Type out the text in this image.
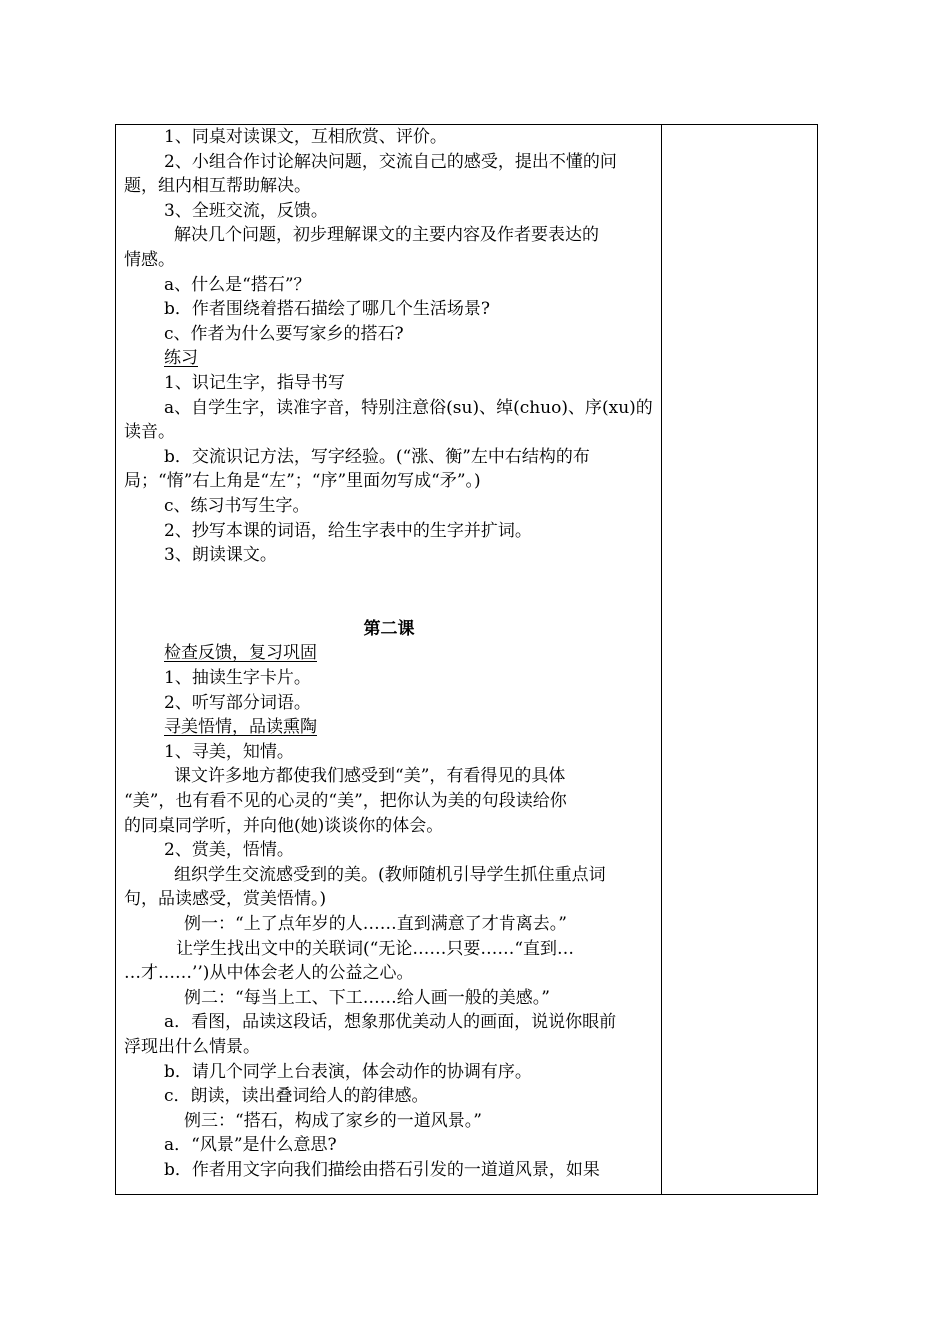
1、同桌对读课文，互相欣赏、评价。
2、小组合作讨论解决问题，交流自己的感受，提出不懂的问
题，组内相互帮助解决。
3、全班交流，反馈。
解决几个问题，初步理解课文的主要内容及作者要表达的
情感。
a、什么是“搭石”？
b．作者围绕着搭石描绘了哪几个生活场景?
c、作者为什么要写家乡的搭石?
练习
1、识记生字，指导书写
a、自学生字，读准字音，特别注意俗(su)、绰(chuo)、序(xu)的
读音。
b．交流识记方法，写字经验。(“涨、衡”左中右结构的布
局；“惰”右上角是“左”；“序”里面勿写成“矛”。)
c、练习书写生字。
2、抄写本课的词语，给生字表中的生字并扩词。
3、朗读课文。
第二课
检查反馈，复习巩固
1、抽读生字卡片。
2、听写部分词语。
寻美悟情，品读熏陶
1、寻美，知情。
课文许多地方都使我们感受到“美”，有看得见的具体
“美”，也有看不见的心灵的“美”，把你认为美的句段读给你
的同桌同学听，并向他(她)谈谈你的体会。
2、赏美，悟情。
组织学生交流感受到的美。(教师随机引导学生抓住重点词
句，品读感受，赏美悟情。)
例一：“上了点年岁的人……直到满意了才肯离去。”
让学生找出文中的关联词(“无论……只要……“直到…
…才……’’)从中体会老人的公益之心。
例二：“每当上工、下工……给人画一般的美感。”
a．看图，品读这段话，想象那优美动人的画面，说说你眼前
浮现出什么情景。
b．请几个同学上台表演，体会动作的协调有序。
c．朗读，读出叠词给人的韵律感。
例三：“搭石，构成了家乡的一道风景。”
a．“风景”是什么意思?
b．作者用文字向我们描绘由搭石引发的一道道风景，如果
